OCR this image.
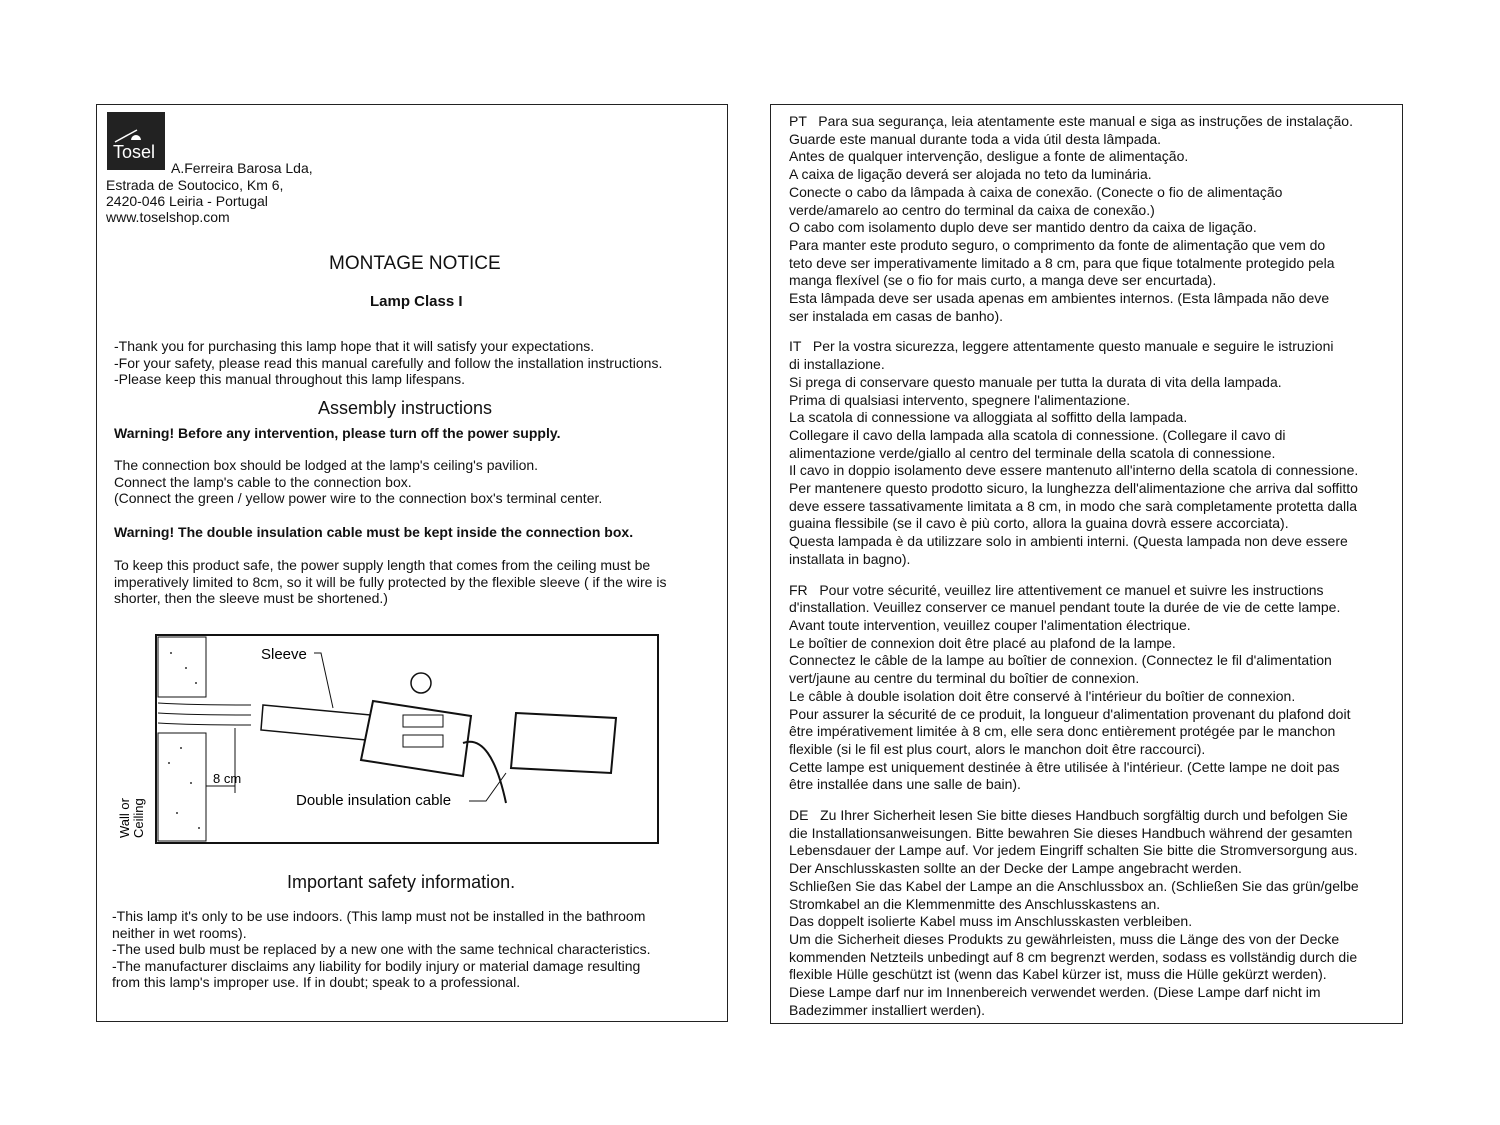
Tosel
A.Ferreira Barosa Lda,
Estrada de Soutocico, Km 6,
2420-046 Leiria - Portugal
www.toselshop.com
MONTAGE NOTICE
Lamp Class I
-Thank you for purchasing this lamp hope that it will satisfy your expectations.
-For your safety, please read this manual carefully and follow the installation instructions.
-Please keep this manual throughout this lamp lifespans.
Assembly instructions
Warning! Before any intervention, please turn off the power supply.
The connection box should be lodged at the lamp's ceiling's pavilion.
Connect the lamp's cable to the connection box.
(Connect the green / yellow power wire to the connection box's terminal center.
Warning! The double insulation cable must be kept inside the connection box.
To keep this product safe, the power supply length that comes from the ceiling must be
imperatively limited to 8cm, so it will be fully protected by the flexible sleeve ( if the wire is
shorter, then the sleeve must be shortened.)
8 cm
Sleeve
Double insulation cable
Wall or Ceiling
Important safety information.
-This lamp it's only to be use indoors. (This lamp must not be installed in the bathroom
neither in wet rooms).
-The used bulb must be replaced by a new one with the same technical characteristics.
-The manufacturer disclaims any liability for bodily injury or material damage resulting
from this lamp's improper use. If in doubt; speak to a professional.
PT   Para sua segurança, leia atentamente este manual e siga as instruções de instalação.
Guarde este manual durante toda a vida útil desta lâmpada.
Antes de qualquer intervenção, desligue a fonte de alimentação.
A caixa de ligação deverá ser alojada no teto da luminária.
Conecte o cabo da lâmpada à caixa de conexão. (Conecte o fio de alimentação
verde/amarelo ao centro do terminal da caixa de conexão.)
O cabo com isolamento duplo deve ser mantido dentro da caixa de ligação.
Para manter este produto seguro, o comprimento da fonte de alimentação que vem do
teto deve ser imperativamente limitado a 8 cm, para que fique totalmente protegido pela
manga flexível (se o fio for mais curto, a manga deve ser encurtada).
Esta lâmpada deve ser usada apenas em ambientes internos. (Esta lâmpada não deve
ser instalada em casas de banho).
IT   Per la vostra sicurezza, leggere attentamente questo manuale e seguire le istruzioni
di installazione.
Si prega di conservare questo manuale per tutta la durata di vita della lampada.
Prima di qualsiasi intervento, spegnere l'alimentazione.
La scatola di connessione va alloggiata al soffitto della lampada.
Collegare il cavo della lampada alla scatola di connessione. (Collegare il cavo di
alimentazione verde/giallo al centro del terminale della scatola di connessione.
Il cavo in doppio isolamento deve essere mantenuto all'interno della scatola di connessione.
Per mantenere questo prodotto sicuro, la lunghezza dell'alimentazione che arriva dal soffitto
deve essere tassativamente limitata a 8 cm, in modo che sarà completamente protetta dalla
guaina flessibile (se il cavo è più corto, allora la guaina dovrà essere accorciata).
Questa lampada è da utilizzare solo in ambienti interni. (Questa lampada non deve essere
installata in bagno).
FR   Pour votre sécurité, veuillez lire attentivement ce manuel et suivre les instructions
d'installation. Veuillez conserver ce manuel pendant toute la durée de vie de cette lampe.
Avant toute intervention, veuillez couper l'alimentation électrique.
Le boîtier de connexion doit être placé au plafond de la lampe.
Connectez le câble de la lampe au boîtier de connexion. (Connectez le fil d'alimentation
vert/jaune au centre du terminal du boîtier de connexion.
Le câble à double isolation doit être conservé à l'intérieur du boîtier de connexion.
Pour assurer la sécurité de ce produit, la longueur d'alimentation provenant du plafond doit
être impérativement limitée à 8 cm, elle sera donc entièrement protégée par le manchon
flexible (si le fil est plus court, alors le manchon doit être raccourci).
Cette lampe est uniquement destinée à être utilisée à l'intérieur. (Cette lampe ne doit pas
être installée dans une salle de bain).
DE   Zu Ihrer Sicherheit lesen Sie bitte dieses Handbuch sorgfältig durch und befolgen Sie
die Installationsanweisungen. Bitte bewahren Sie dieses Handbuch während der gesamten
Lebensdauer der Lampe auf. Vor jedem Eingriff schalten Sie bitte die Stromversorgung aus.
Der Anschlusskasten sollte an der Decke der Lampe angebracht werden.
Schließen Sie das Kabel der Lampe an die Anschlussbox an. (Schließen Sie das grün/gelbe
Stromkabel an die Klemmenmitte des Anschlusskastens an.
Das doppelt isolierte Kabel muss im Anschlusskasten verbleiben.
Um die Sicherheit dieses Produkts zu gewährleisten, muss die Länge des von der Decke
kommenden Netzteils unbedingt auf 8 cm begrenzt werden, sodass es vollständig durch die
flexible Hülle geschützt ist (wenn das Kabel kürzer ist, muss die Hülle gekürzt werden).
Diese Lampe darf nur im Innenbereich verwendet werden. (Diese Lampe darf nicht im
Badezimmer installiert werden).
